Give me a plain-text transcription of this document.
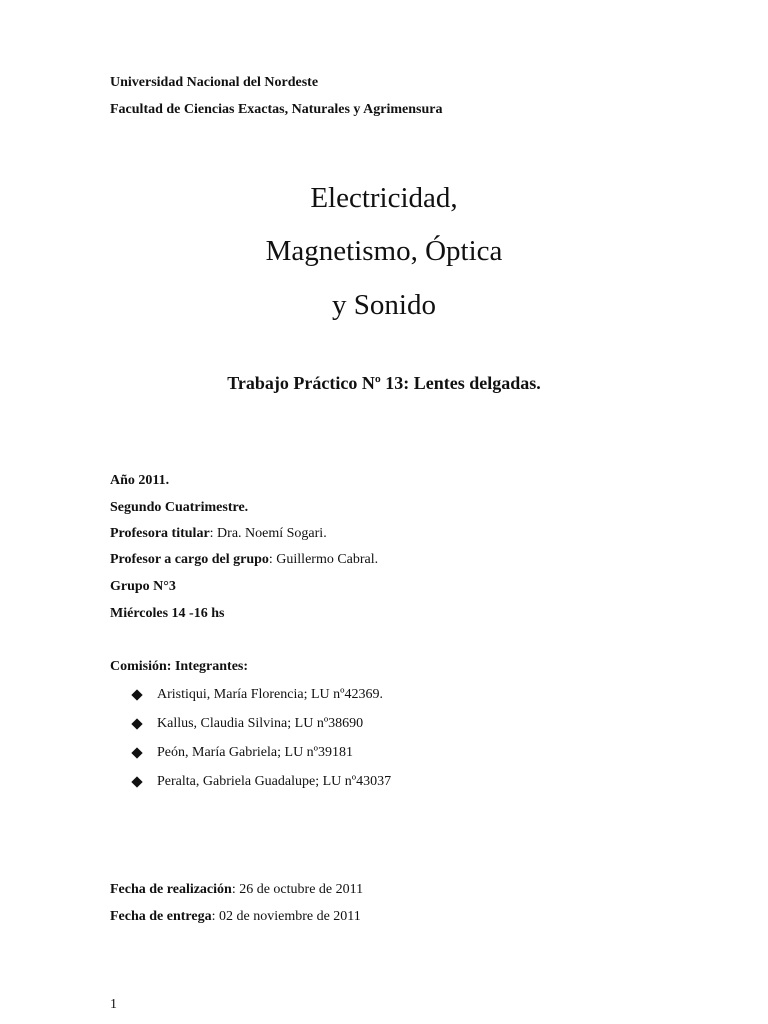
Universidad Nacional del Nordeste
Facultad de Ciencias Exactas, Naturales y Agrimensura
Electricidad,
Magnetismo, Óptica
y Sonido
Trabajo Práctico Nº 13: Lentes delgadas.
Año 2011.
Segundo Cuatrimestre.
Profesora titular: Dra. Noemí Sogari.
Profesor a cargo del grupo: Guillermo Cabral.
Grupo N°3
Miércoles 14 -16 hs
Comisión: Integrantes:
Aristiqui, María Florencia; LU nº42369.
Kallus, Claudia Silvina; LU nº38690
Peón, María Gabriela; LU nº39181
Peralta, Gabriela Guadalupe; LU nº43037
Fecha de realización: 26 de octubre de 2011
Fecha de entrega: 02 de noviembre de 2011
1
